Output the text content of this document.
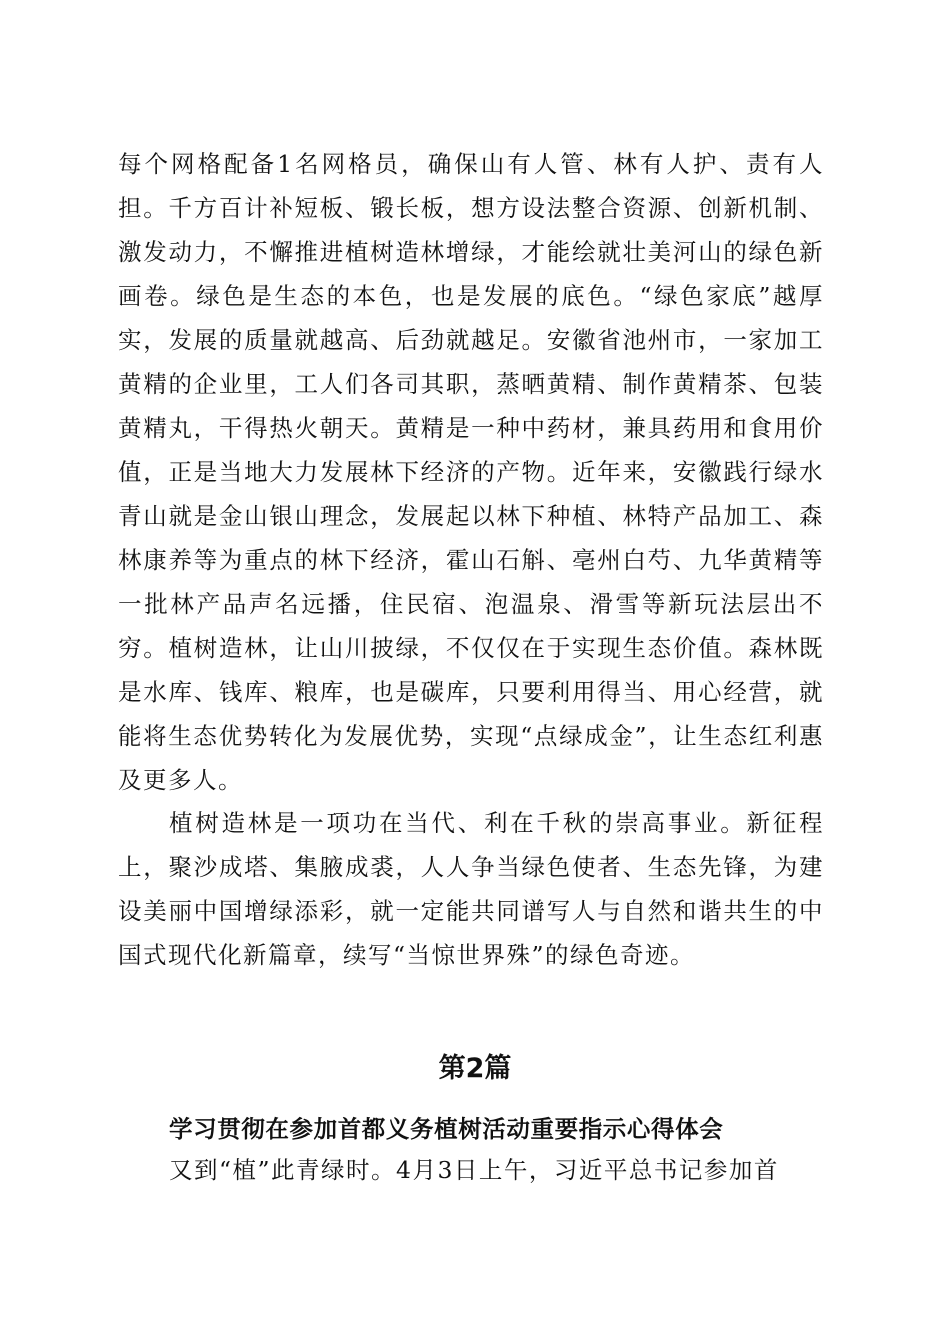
每个网格配备1名网格员，确保山有人管、林有人护、责有人担。千方百计补短板、锻长板，想方设法整合资源、创新机制、激发动力，不懈推进植树造林增绿，才能绘就壮美河山的绿色新画卷。绿色是生态的本色，也是发展的底色。“绿色家底”越厚实，发展的质量就越高、后劲就越足。安徽省池州市，一家加工黄精的企业里，工人们各司其职，蒸晒黄精、制作黄精茶、包装黄精丸，干得热火朝天。黄精是一种中药材，兼具药用和食用价值，正是当地大力发展林下经济的产物。近年来，安徽践行绿水青山就是金山银山理念，发展起以林下种植、林特产品加工、森林康养等为重点的林下经济，霍山石斛、亳州白芍、九华黄精等一批林产品声名远播，住民宿、泡温泉、滑雪等新玩法层出不穷。植树造林，让山川披绿，不仅仅在于实现生态价值。森林既是水库、钱库、粮库，也是碳库，只要利用得当、用心经营，就能将生态优势转化为发展优势，实现“点绿成金”，让生态红利惠及更多人。

植树造林是一项功在当代、利在千秋的崇高事业。新征程上，聚沙成塔、集腋成裘，人人争当绿色使者、生态先锋，为建设美丽中国增绿添彩，就一定能共同谱写人与自然和谐共生的中国式现代化新篇章，续写“当惊世界殊”的绿色奇迹。

第2篇
学习贯彻在参加首都义务植树活动重要指示心得体会

又到“植”此青绿时。4月3日上午，习近平总书记参加首
